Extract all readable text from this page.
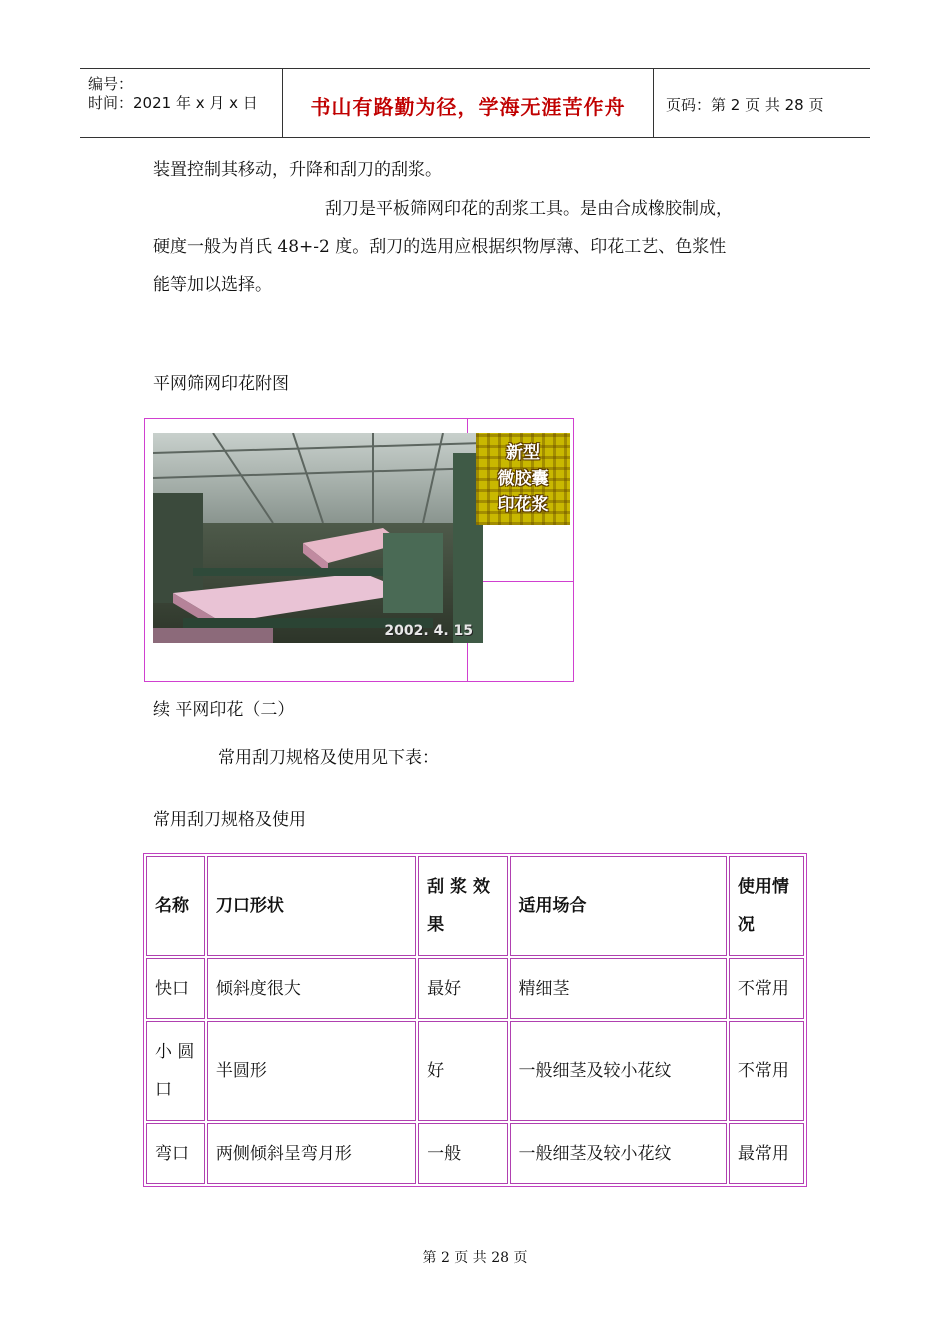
编号：
时间：2021 年 x 月 x 日	书山有路勤为径，学海无涯苦作舟	页码：第 2 页 共 28 页
装置控制其移动，升降和刮刀的刮浆。
刮刀是平板筛网印花的刮浆工具。是由合成橡胶制成，
硬度一般为肖氏 48+-2 度。刮刀的选用应根据织物厚薄、印花工艺、色浆性
能等加以选择。
平网筛网印花附图
2002. 4. 15
新型
微胶囊
印花浆
续 平网印花（二）
常用刮刀规格及使用见下表：
常用刮刀规格及使用
名称	刀口形状	刮 浆 效果	适用场合	使用情况
快口	倾斜度很大	最好	精细茎	不常用
小 圆口	半圆形	好	一般细茎及较小花纹	不常用
弯口	两侧倾斜呈弯月形	一般	一般细茎及较小花纹	最常用
第 2 页 共 28 页
